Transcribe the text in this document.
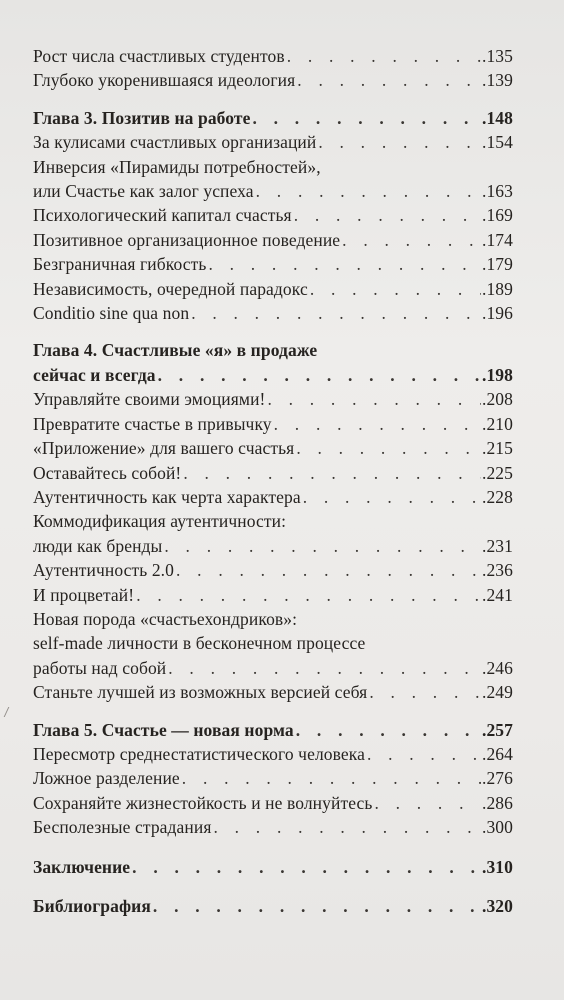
Рост числа счастливых студентов . . .	.135
Глубоко укоренившаяся идеология . . .	.139
Глава 3. Позитив на работе . . .	.148
За кулисами счастливых организаций . . .	.154
Инверсия «Пирамиды потребностей»,
или Счастье как залог успеха . . .	.163
Психологический капитал счастья . . .	.169
Позитивное организационное поведение . . .	.174
Безграничная гибкость . . .	.179
Независимость, очередной парадокс . . .	.189
Conditio sine qua non . . .	.196
Глава 4. Счастливые «я» в продаже
сейчас и всегда . . .	.198
Управляйте своими эмоциями! . . .	.208
Превратите счастье в привычку . . .	.210
«Приложение» для вашего счастья . . .	.215
Оставайтесь собой! . . .	.225
Аутентичность как черта характера . . .	.228
Коммодификация аутентичности:
люди как бренды . . .	.231
Аутентичность 2.0 . . .	.236
И процветай! . . .	.241
Новая порода «счастьехондриков»:
self-made личности в бесконечном процессе
работы над собой . . .	.246
Станьте лучшей из возможных версией себя . . .	.249
Глава 5. Счастье — новая норма . . .	.257
Пересмотр среднестатистического человека . . .	.264
Ложное разделение . . .	.276
Сохраняйте жизнестойкость и не волнуйтесь . . .	.286
Бесполезные страдания . . .	.300
Заключение . . .	.310
Библиография . . .	.320
